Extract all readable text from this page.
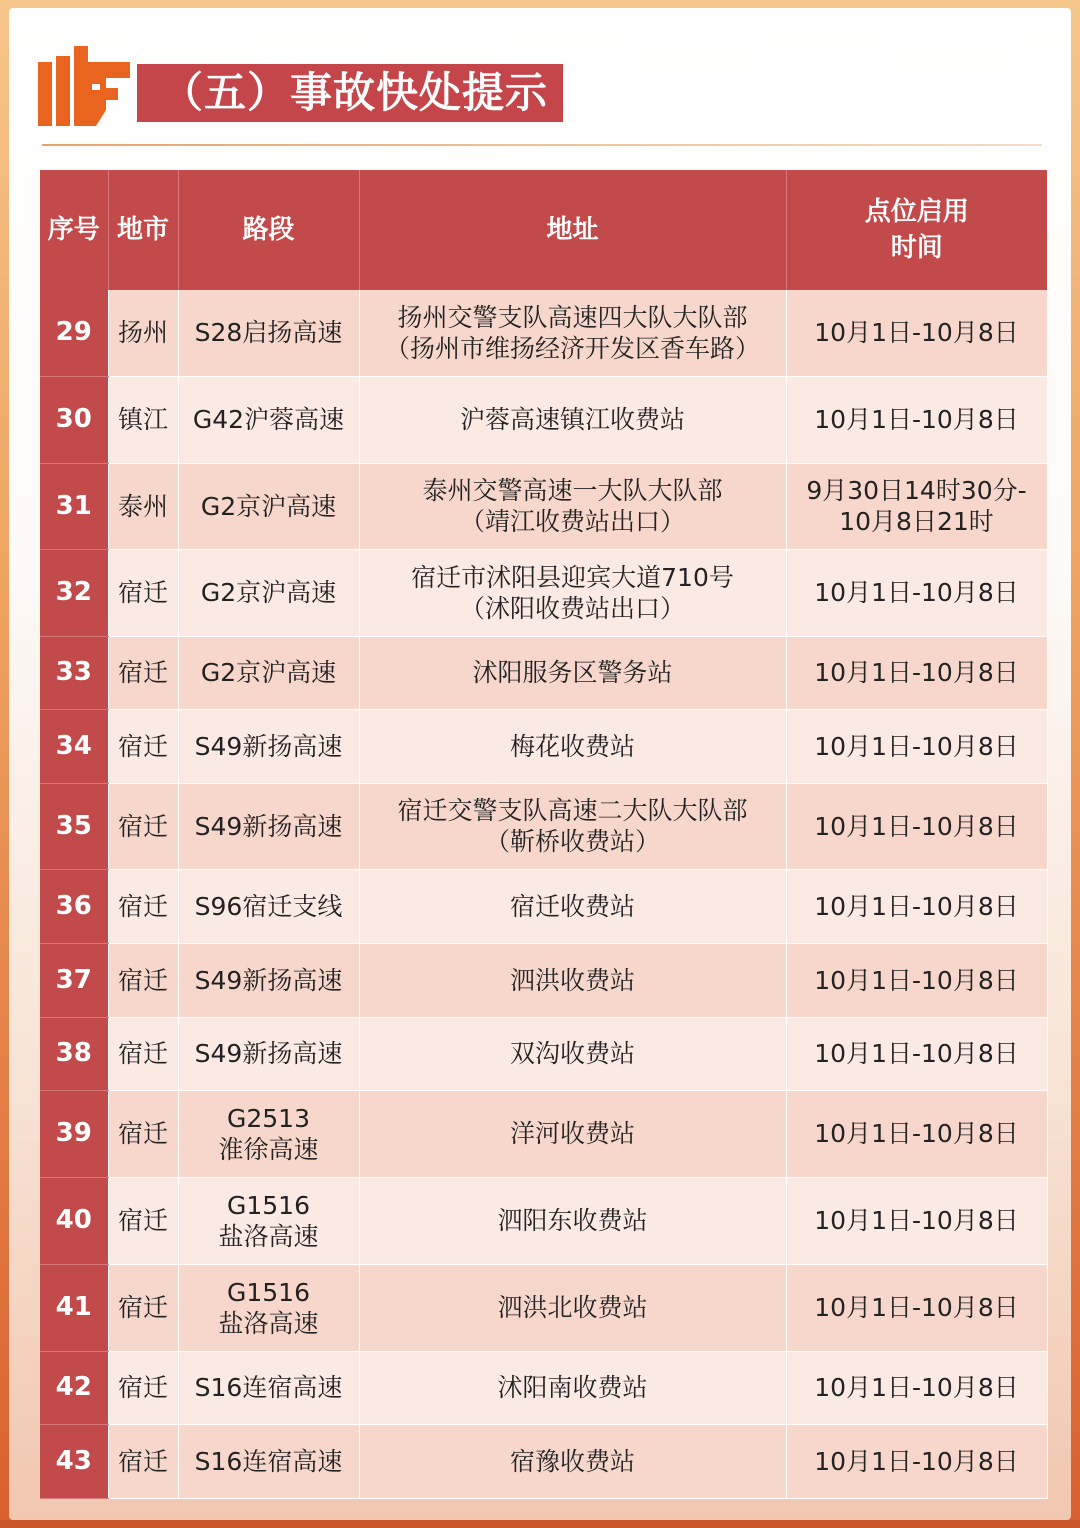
（五）事故快处提示
序号	地市	路段	地址	点位启用
时间
29	扬州	S28启扬高速	扬州交警支队高速四大队大队部
（扬州市维扬经济开发区香车路）	10月1日-10月8日
30	镇江	G42沪蓉高速	沪蓉高速镇江收费站	10月1日-10月8日
31	泰州	G2京沪高速	泰州交警高速一大队大队部
（靖江收费站出口）	9月30日14时30分-
10月8日21时
32	宿迁	G2京沪高速	宿迁市沭阳县迎宾大道710号
（沭阳收费站出口）	10月1日-10月8日
33	宿迁	G2京沪高速	沭阳服务区警务站	10月1日-10月8日
34	宿迁	S49新扬高速	梅花收费站	10月1日-10月8日
35	宿迁	S49新扬高速	宿迁交警支队高速二大队大队部
（靳桥收费站）	10月1日-10月8日
36	宿迁	S96宿迁支线	宿迁收费站	10月1日-10月8日
37	宿迁	S49新扬高速	泗洪收费站	10月1日-10月8日
38	宿迁	S49新扬高速	双沟收费站	10月1日-10月8日
39	宿迁	G2513
淮徐高速	洋河收费站	10月1日-10月8日
40	宿迁	G1516
盐洛高速	泗阳东收费站	10月1日-10月8日
41	宿迁	G1516
盐洛高速	泗洪北收费站	10月1日-10月8日
42	宿迁	S16连宿高速	沭阳南收费站	10月1日-10月8日
43	宿迁	S16连宿高速	宿豫收费站	10月1日-10月8日
